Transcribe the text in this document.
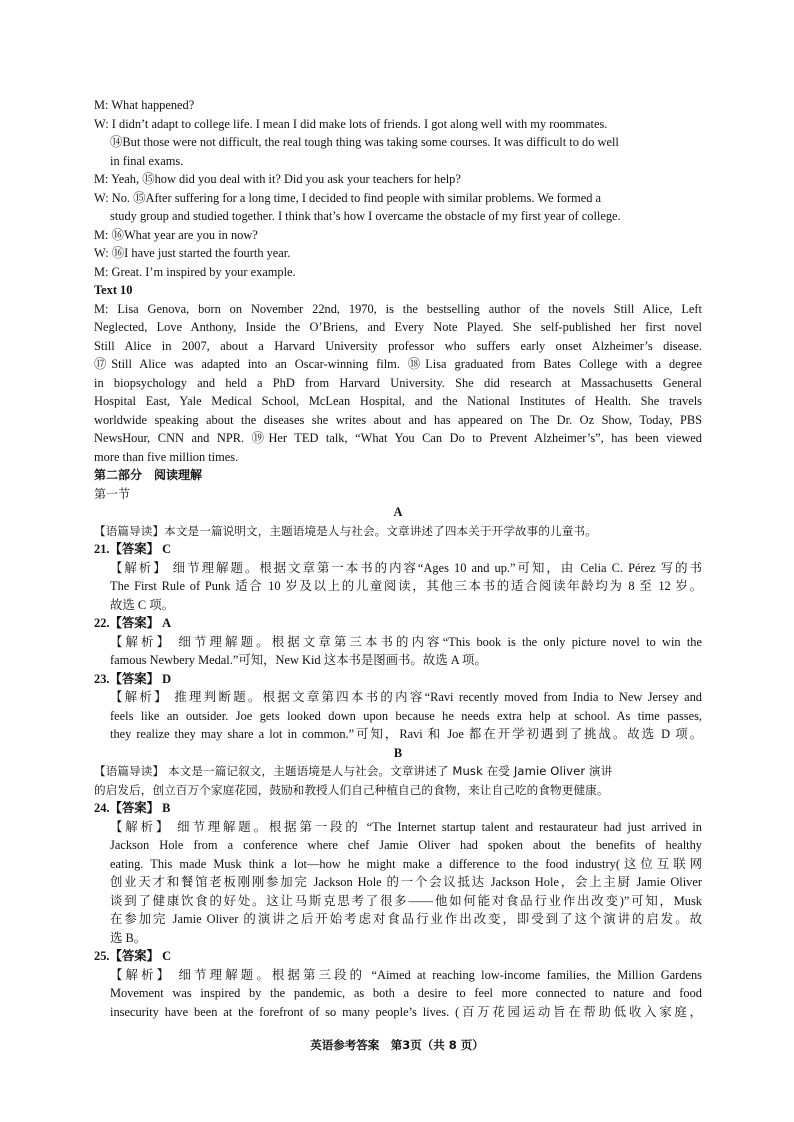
M: What happened?

W: I didn’t adapt to college life. I mean I did make lots of friends. I got along well with my roommates.

⑭But those were not difficult, the real tough thing was taking some courses. It was difficult to do well

in final exams.

M: Yeah, ⑮how did you deal with it? Did you ask your teachers for help?

W: No. ⑮After suffering for a long time, I decided to find people with similar problems. We formed a

study group and studied together. I think that’s how I overcame the obstacle of my first year of college.

M: ⑯What year are you in now?

W: ⑯I have just started the fourth year.

M: Great. I’m inspired by your example.

Text 10

M: Lisa Genova, born on November 22nd, 1970, is the bestselling author of the novels Still Alice, Left

Neglected, Love Anthony, Inside the O’Briens, and Every Note Played. She self-published her first novel

Still Alice in 2007, about a Harvard University professor who suffers early onset Alzheimer’s disease.

⑰Still Alice was adapted into an Oscar-winning film. ⑱Lisa graduated from Bates College with a degree

in biopsychology and held a PhD from Harvard University. She did research at Massachusetts General

Hospital East, Yale Medical School, McLean Hospital, and the National Institutes of Health. She travels

worldwide speaking about the diseases she writes about and has appeared on The Dr. Oz Show, Today, PBS

NewsHour, CNN and NPR. ⑲Her TED talk, “What You Can Do to Prevent Alzheimer’s”, has been viewed

more than five million times.

第二部分　阅读理解

第一节

A

【语篇导读】本文是一篇说明文，主题语境是人与社会。文章讲述了四本关于开学故事的儿童书。

21.【答案】 C

【解析】 细节理解题。根据文章第一本书的内容“Ages 10 and up.”可知，由 Celia C. Pérez 写的书

The First Rule of Punk 适合 10 岁及以上的儿童阅读，其他三本书的适合阅读年龄均为 8 至 12 岁。

故选 C 项。

22.【答案】 A

【解析】 细节理解题。根据文章第三本书的内容“This book is the only picture novel to win the

famous Newbery Medal.”可知，New Kid 这本书是图画书。故选 A 项。

23.【答案】 D

【解析】 推理判断题。根据文章第四本书的内容“Ravi recently moved from India to New Jersey and

feels like an outsider. Joe gets looked down upon because he needs extra help at school. As time passes,

they realize they may share a lot in common.”可知，Ravi 和 Joe 都在开学初遇到了挑战。故选 D 项。

B

【语篇导读】 本文是一篇记叙文，主题语境是人与社会。文章讲述了 Musk 在受 Jamie Oliver 演讲

的启发后，创立百万个家庭花园，鼓励和教授人们自己种植自己的食物，来让自己吃的食物更健康。

24.【答案】 B

【解析】 细节理解题。根据第一段的 “The Internet startup talent and restaurateur had just arrived in

Jackson Hole from a conference where chef Jamie Oliver had spoken about the benefits of healthy

eating. This made Musk think a lot—how he might make a difference to the food industry(这位互联网

创业天才和餐馆老板刚刚参加完 Jackson Hole 的一个会议抵达 Jackson Hole，会上主厨 Jamie Oliver

谈到了健康饮食的好处。这让马斯克思考了很多——他如何能对食品行业作出改变)”可知，Musk

在参加完 Jamie Oliver 的演讲之后开始考虑对食品行业作出改变，即受到了这个演讲的启发。故

选 B。

25.【答案】 C

【解析】 细节理解题。根据第三段的 “Aimed at reaching low-income families, the Million Gardens

Movement was inspired by the pandemic, as both a desire to feel more connected to nature and food

insecurity have been at the forefront of so many people’s lives. (百万花园运动旨在帮助低收入家庭，

英语参考答案　第3页（共 8 页）
